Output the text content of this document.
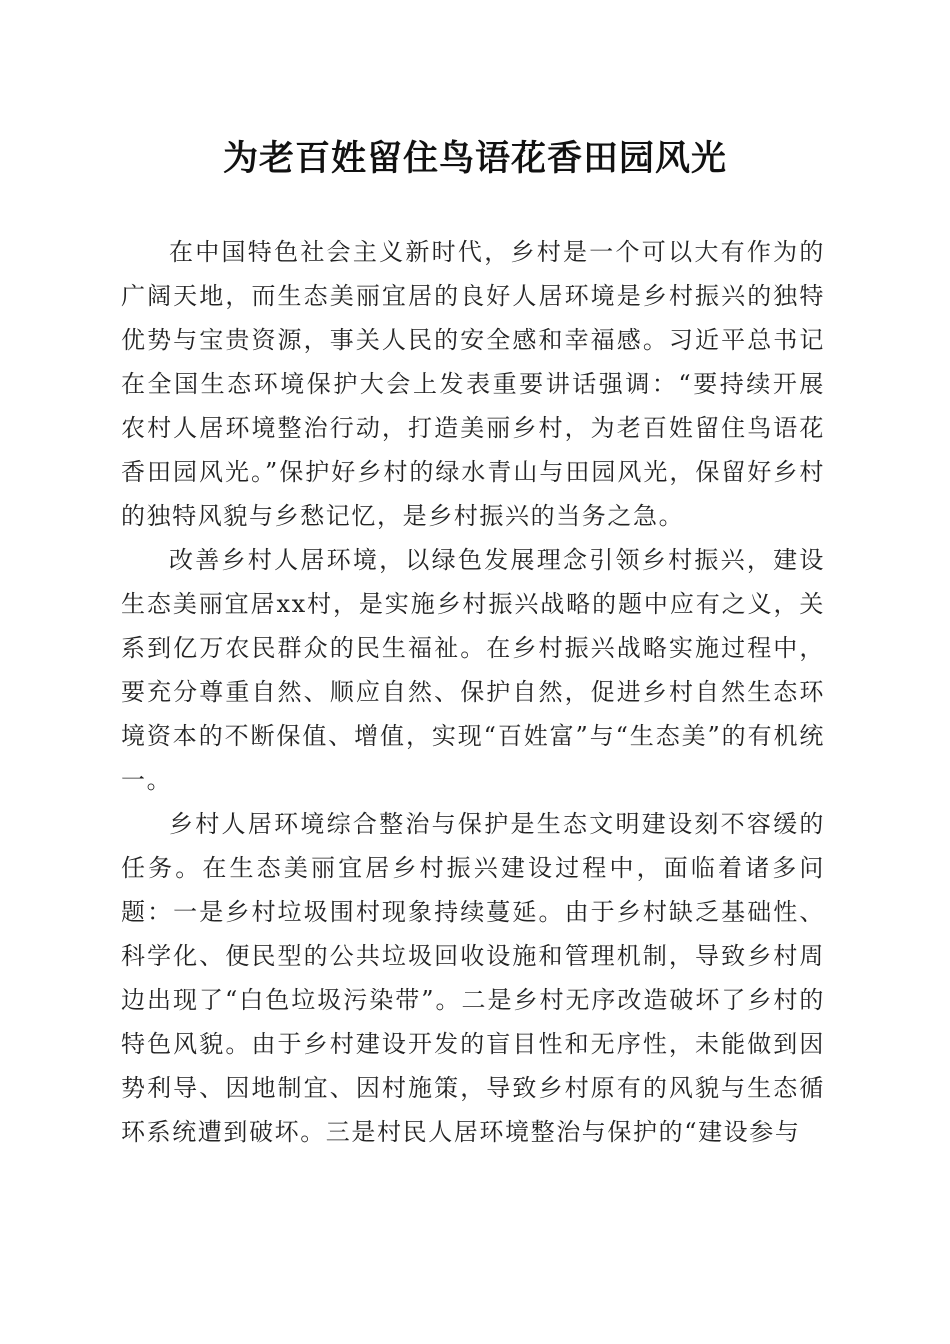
为老百姓留住鸟语花香田园风光

在中国特色社会主义新时代，乡村是一个可以大有作为的广阔天地，而生态美丽宜居的良好人居环境是乡村振兴的独特优势与宝贵资源，事关人民的安全感和幸福感。习近平总书记在全国生态环境保护大会上发表重要讲话强调：“要持续开展农村人居环境整治行动，打造美丽乡村，为老百姓留住鸟语花香田园风光。”保护好乡村的绿水青山与田园风光，保留好乡村的独特风貌与乡愁记忆，是乡村振兴的当务之急。

改善乡村人居环境，以绿色发展理念引领乡村振兴，建设生态美丽宜居xx村，是实施乡村振兴战略的题中应有之义，关系到亿万农民群众的民生福祉。在乡村振兴战略实施过程中，要充分尊重自然、顺应自然、保护自然，促进乡村自然生态环境资本的不断保值、增值，实现“百姓富”与“生态美”的有机统一。

乡村人居环境综合整治与保护是生态文明建设刻不容缓的任务。在生态美丽宜居乡村振兴建设过程中，面临着诸多问题：一是乡村垃圾围村现象持续蔓延。由于乡村缺乏基础性、科学化、便民型的公共垃圾回收设施和管理机制，导致乡村周边出现了“白色垃圾污染带”。二是乡村无序改造破坏了乡村的特色风貌。由于乡村建设开发的盲目性和无序性，未能做到因势利导、因地制宜、因村施策，导致乡村原有的风貌与生态循环系统遭到破坏。三是村民人居环境整治与保护的“建设参与
